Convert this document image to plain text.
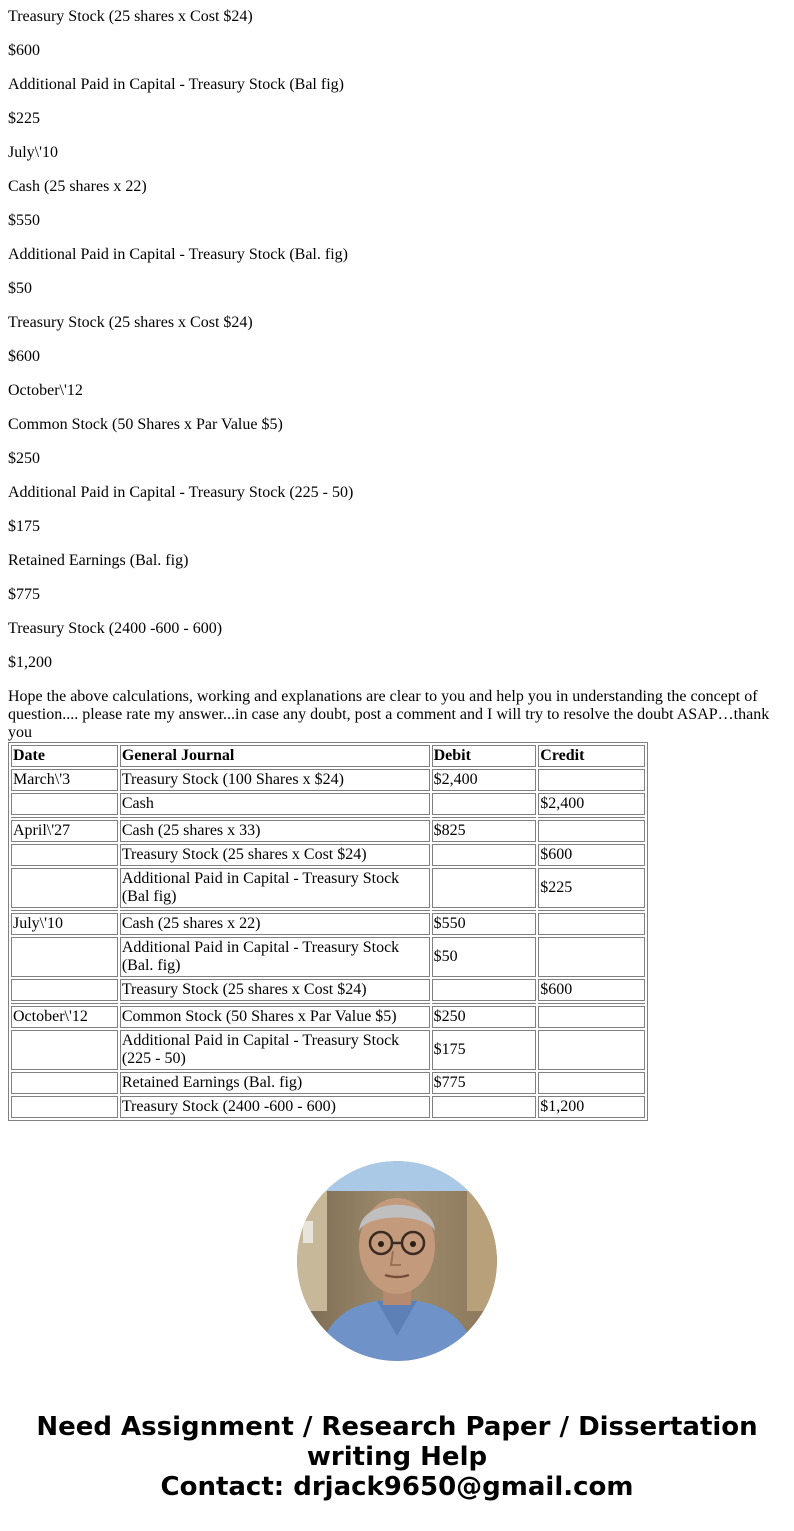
Treasury Stock (25 shares x Cost $24)

$600

Additional Paid in Capital - Treasury Stock (Bal fig)

$225

July\'10

Cash (25 shares x 22)

$550

Additional Paid in Capital - Treasury Stock (Bal. fig)

$50

Treasury Stock (25 shares x Cost $24)

$600

October\'12

Common Stock (50 Shares x Par Value $5)

$250

Additional Paid in Capital - Treasury Stock (225 - 50)

$175

Retained Earnings (Bal. fig)

$775

Treasury Stock (2400 -600 - 600)

$1,200

Hope the above calculations, working and explanations are clear to you and help you in understanding the concept of question.... please rate my answer...in case any doubt, post a comment and I will try to resolve the doubt ASAP…thank you

Date	General Journal	Debit	Credit
March\'3	Treasury Stock (100 Shares x $24)	$2,400	
	Cash		$2,400

April\'27	Cash (25 shares x 33)	$825	
	Treasury Stock (25 shares x Cost $24)		$600
	Additional Paid in Capital - Treasury Stock (Bal fig)		$225

July\'10	Cash (25 shares x 22)	$550	
	Additional Paid in Capital - Treasury Stock (Bal. fig)	$50	
	Treasury Stock (25 shares x Cost $24)		$600

October\'12	Common Stock (50 Shares x Par Value $5)	$250	
	Additional Paid in Capital - Treasury Stock (225 - 50)	$175	
	Retained Earnings (Bal. fig)	$775	
	Treasury Stock (2400 -600 - 600)		$1,200
Need Assignment / Research Paper / Dissertation
writing Help
Contact: drjack9650@gmail.com
